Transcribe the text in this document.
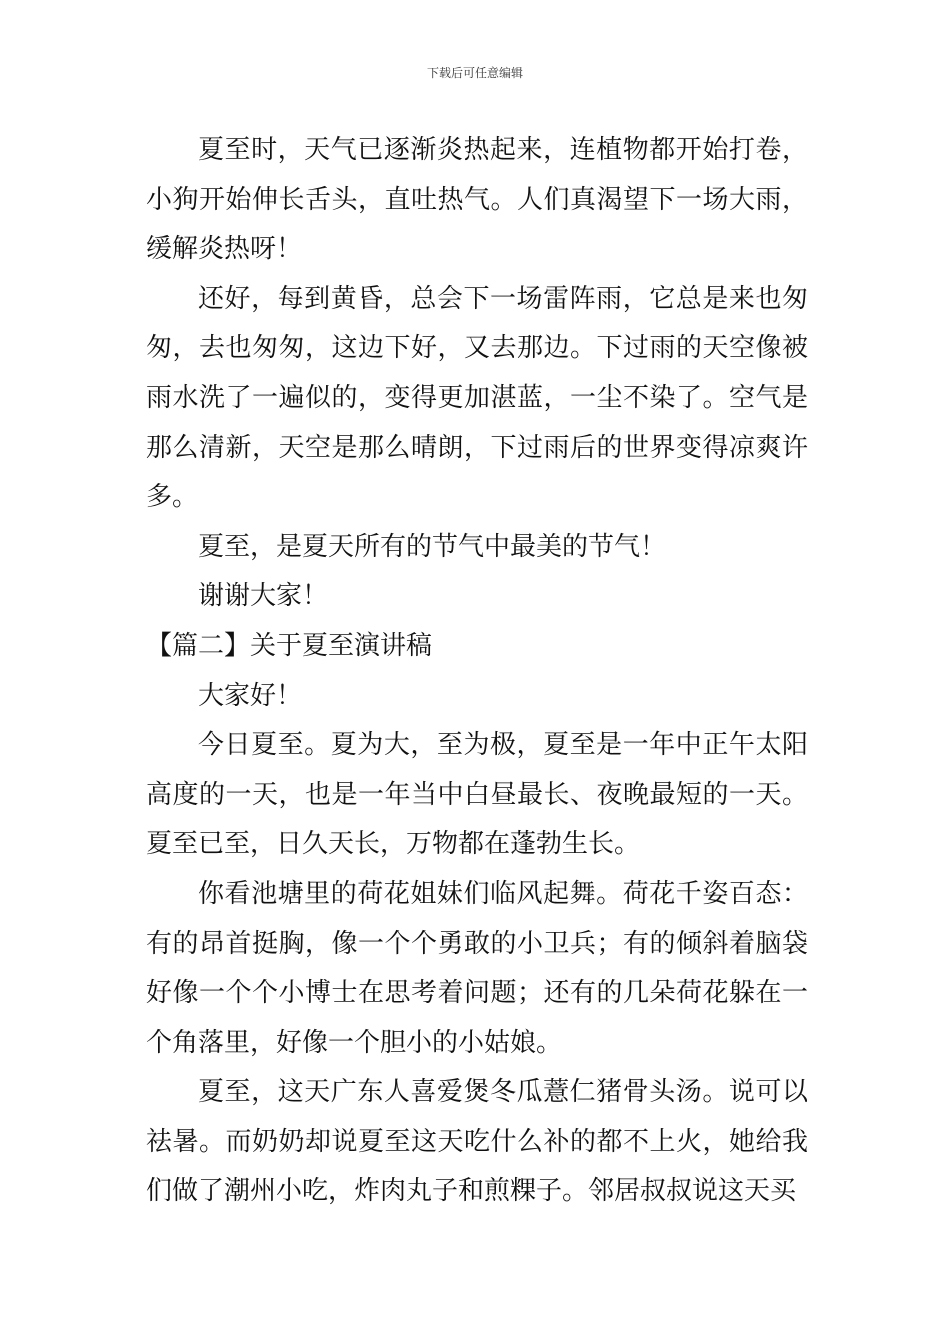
下载后可任意编辑

夏至时，天气已逐渐炎热起来，连植物都开始打卷，小狗开始伸长舌头，直吐热气。人们真渴望下一场大雨，缓解炎热呀！

还好，每到黄昏，总会下一场雷阵雨，它总是来也匆匆，去也匆匆，这边下好，又去那边。下过雨的天空像被雨水洗了一遍似的，变得更加湛蓝，一尘不染了。空气是那么清新，天空是那么晴朗，下过雨后的世界变得凉爽许多。

夏至，是夏天所有的节气中最美的节气！

谢谢大家！

【篇二】关于夏至演讲稿

大家好！

今日夏至。夏为大，至为极，夏至是一年中正午太阳高度的一天，也是一年当中白昼最长、夜晚最短的一天。夏至已至，日久天长，万物都在蓬勃生长。

你看池塘里的荷花姐妹们临风起舞。荷花千姿百态：有的昂首挺胸，像一个个勇敢的小卫兵；有的倾斜着脑袋好像一个个小博士在思考着问题；还有的几朵荷花躲在一个角落里，好像一个胆小的小姑娘。

夏至，这天广东人喜爱煲冬瓜薏仁猪骨头汤。说可以祛暑。而奶奶却说夏至这天吃什么补的都不上火，她给我们做了潮州小吃，炸肉丸子和煎粿子。邻居叔叔说这天买
